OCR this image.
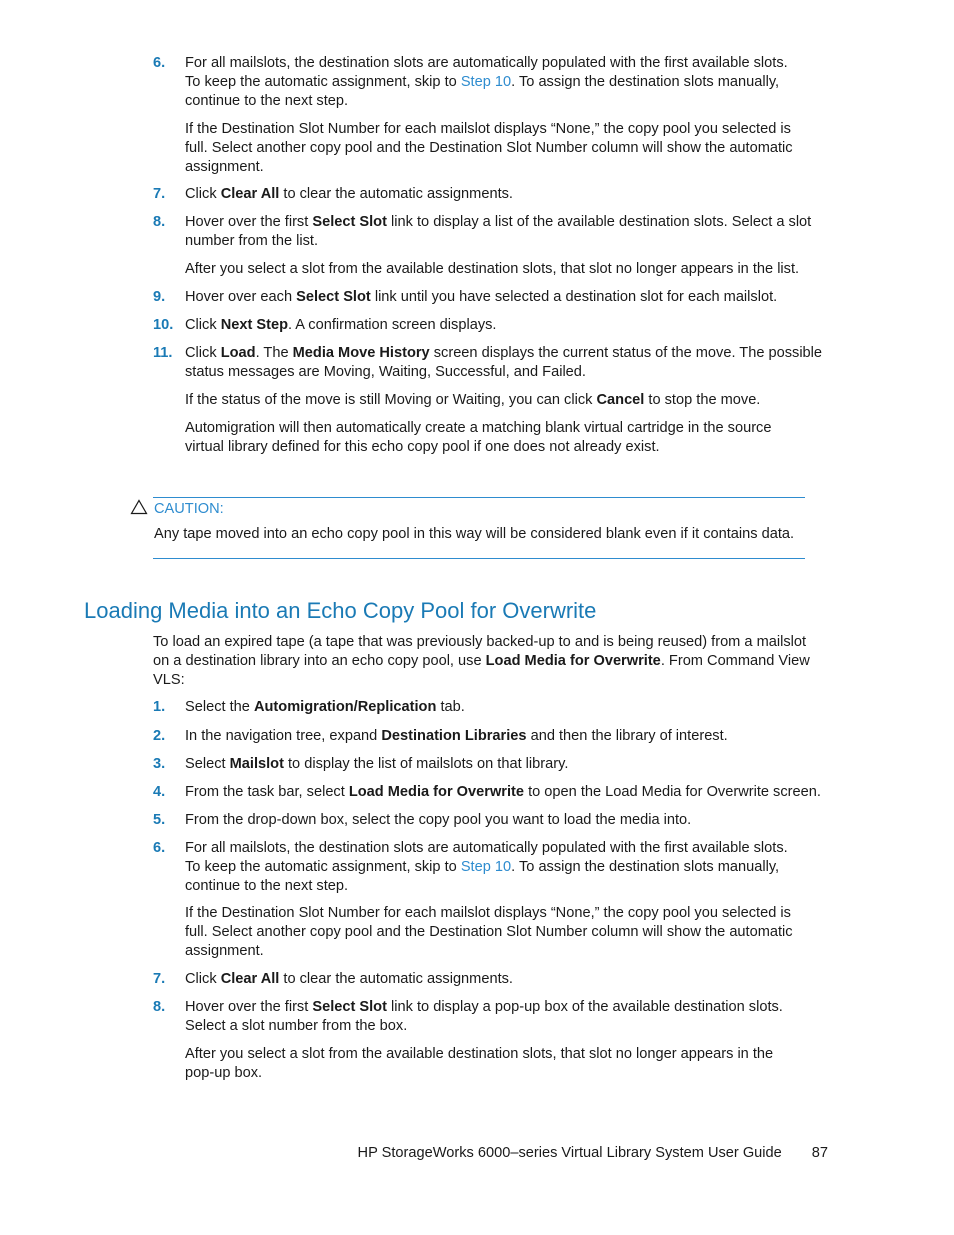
6. For all mailslots, the destination slots are automatically populated with the first available slots.
To keep the automatic assignment, skip to Step 10. To assign the destination slots manually,
continue to the next step.
If the Destination Slot Number for each mailslot displays “None,” the copy pool you selected is
full. Select another copy pool and the Destination Slot Number column will show the automatic
assignment.
7. Click Clear All to clear the automatic assignments.
8. Hover over the first Select Slot link to display a list of the available destination slots. Select a slot
number from the list.
After you select a slot from the available destination slots, that slot no longer appears in the list.
9. Hover over each Select Slot link until you have selected a destination slot for each mailslot.
10. Click Next Step. A confirmation screen displays.
11. Click Load. The Media Move History screen displays the current status of the move. The possible
status messages are Moving, Waiting, Successful, and Failed.
If the status of the move is still Moving or Waiting, you can click Cancel to stop the move.
Automigration will then automatically create a matching blank virtual cartridge in the source
virtual library defined for this echo copy pool if one does not already exist.
CAUTION:
Any tape moved into an echo copy pool in this way will be considered blank even if it contains data.
Loading Media into an Echo Copy Pool for Overwrite
To load an expired tape (a tape that was previously backed-up to and is being reused) from a mailslot
on a destination library into an echo copy pool, use Load Media for Overwrite. From Command View
VLS:
1. Select the Automigration/Replication tab.
2. In the navigation tree, expand Destination Libraries and then the library of interest.
3. Select Mailslot to display the list of mailslots on that library.
4. From the task bar, select Load Media for Overwrite to open the Load Media for Overwrite screen.
5. From the drop-down box, select the copy pool you want to load the media into.
6. For all mailslots, the destination slots are automatically populated with the first available slots.
To keep the automatic assignment, skip to Step 10. To assign the destination slots manually,
continue to the next step.
If the Destination Slot Number for each mailslot displays “None,” the copy pool you selected is
full. Select another copy pool and the Destination Slot Number column will show the automatic
assignment.
7. Click Clear All to clear the automatic assignments.
8. Hover over the first Select Slot link to display a pop-up box of the available destination slots.
Select a slot number from the box.
After you select a slot from the available destination slots, that slot no longer appears in the
pop-up box.
HP StorageWorks 6000–series Virtual Library System User Guide 87
